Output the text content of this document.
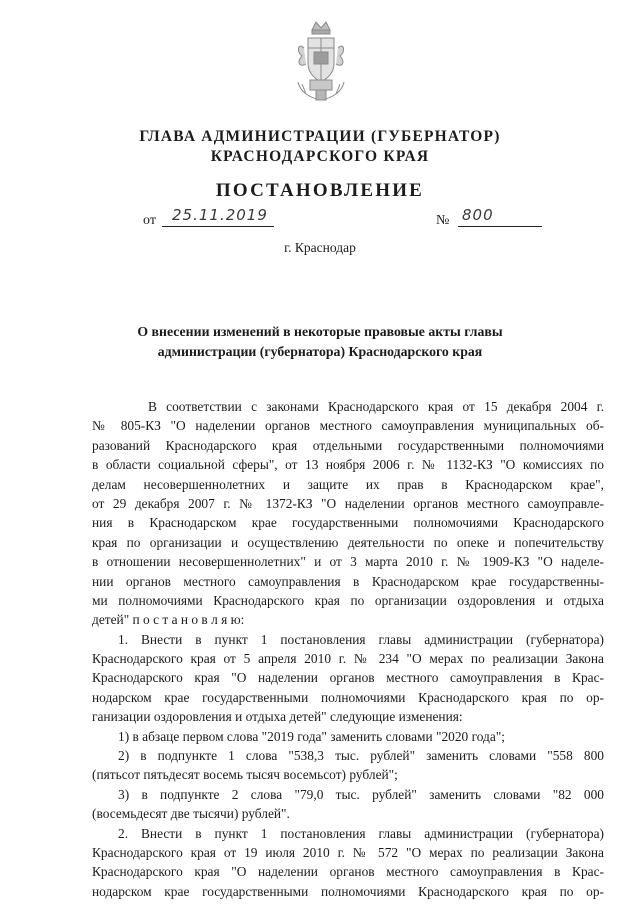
ГЛАВА АДМИНИСТРАЦИИ (ГУБЕРНАТОР)
КРАСНОДАРСКОГО КРАЯ
ПОСТАНОВЛЕНИЕ
от 25.11.2019	№ 800
г. Краснодар
О внесении изменений в некоторые правовые акты главы
администрации (губернатора) Краснодарского края
В соответствии с законами Краснодарского края от 15 декабря 2004 г.
№ 805-КЗ "О наделении органов местного самоуправления муниципальных об-
разований Краснодарского края отдельными государственными полномочиями
в области социальной сферы", от 13 ноября 2006 г. № 1132-КЗ "О комиссиях по
делам несовершеннолетних и защите их прав в Краснодарском крае",
от 29 декабря 2007 г. № 1372-КЗ "О наделении органов местного самоуправле-
ния в Краснодарском крае государственными полномочиями Краснодарского
края по организации и осуществлению деятельности по опеке и попечительству
в отношении несовершеннолетних" и от 3 марта 2010 г. № 1909-КЗ "О наделе-
нии органов местного самоуправления в Краснодарском крае государственны-
ми полномочиями Краснодарского края по организации оздоровления и отдыха
детей" п о с т а н о в л я ю:
1. Внести в пункт 1 постановления главы администрации (губернатора)
Краснодарского края от 5 апреля 2010 г. № 234 "О мерах по реализации Закона
Краснодарского края "О наделении органов местного самоуправления в Крас-
нодарском крае государственными полномочиями Краснодарского края по ор-
ганизации оздоровления и отдыха детей" следующие изменения:
1) в абзаце первом слова "2019 года" заменить словами "2020 года";
2) в подпункте 1 слова "538,3 тыс. рублей" заменить словами "558 800
(пятьсот пятьдесят восемь тысяч восемьсот) рублей";
3) в подпункте 2 слова "79,0 тыс. рублей" заменить словами "82 000
(восемьдесят две тысячи) рублей".
2. Внести в пункт 1 постановления главы администрации (губернатора)
Краснодарского края от 19 июля 2010 г. № 572 "О мерах по реализации Закона
Краснодарского края "О наделении органов местного самоуправления в Крас-
нодарском крае государственными полномочиями Краснодарского края по ор-
